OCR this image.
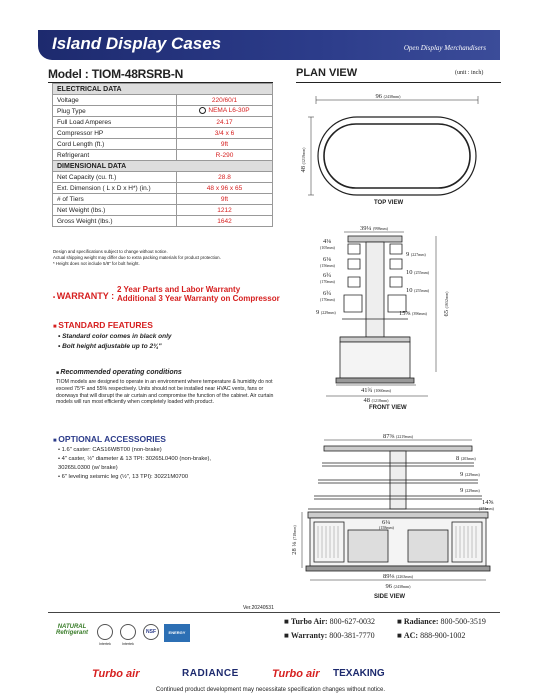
Island Display Cases	Open Display Merchandisers
Model : TIOM-48RSRB-N
ELECTRICAL DATA	
Voltage	220/60/1
Plug Type	NEMA L6-30P
Full Load Amperes	24.17
Compressor HP	3/4 x 6
Cord Length (ft.)	9ft
Refrigerant	R-290
DIMENSIONAL DATA	
Net Capacity (cu. ft.)	28.8
Ext. Dimension ( L x D x H*) (in.)	48 x 96 x 65
# of Tiers	9ft
Net Weight (lbs.)	1212
Gross Weight (lbs.)	1642
Design and specifications subject to change without notice.
Actual shipping weight may differ due to extra packing materials for product protection.
* Height does not include 5/8" for bolt height.
• WARRANTY :
2 Year Parts and Labor Warranty
Additional 3 Year Warranty on Compressor
■ STANDARD FEATURES
• Standard color comes in black only
• Bolt height adjustable up to 2¾"
■ Recommended operating conditions
TIOM models are designed to operate in an environment where temperature & humidity do not exceed 75°F and 55% respectively. Units should not be installed near HVAC vents, fans or doorways that will disrupt the air curtain and compromise the function of the cabinet. Air curtain models will run most efficiently when completely loaded with product.
■ OPTIONAL ACCESSORIES
• 1.6" caster: CAS16WBT00 (non-brake)
• 4" caster, ½" diameter & 13 TPI: 30265L0400 (non-brake),
30265L0300 (w/ brake)
• 6" leveling seismic leg (½", 13 TPI): 30221M0700
PLAN VIEW	(unit : inch)
96 (2438mm)
48 (1219mm)
TOP VIEW
39¼ (998mm)
4⅛
(105mm)
6⅛
(156mm)
6¾
(170mm)
6¾
(170mm)
9 (229mm)
9 (227mm)
10 (255mm)
10 (255mm)
15⅝ (396mm) 65 (1652mm)
41¾ (1060mm)
48 (1218mm)
FRONT VIEW
87⅜ (2219mm)
8 (203mm)
9 (229mm)
9 (229mm)
14⅝
(371mm)
6¼
(158mm)
28 ⅛ (718mm)
89⅛ (2263mm)
96 (2438mm)
SIDE VIEW
Ver.20240531
NATURAL Refrigerant
Intertek	Intertek
NSF	ENERGY STAR
■ Turbo Air: 800-627-0032	■ Radiance: 800-500-3519
■ Warranty: 800-381-7770	■ AC: 888-900-1002
Turbo air	RADIANCE	Turbo air TEXAKING
Continued product development may necessitate specification changes without notice.
